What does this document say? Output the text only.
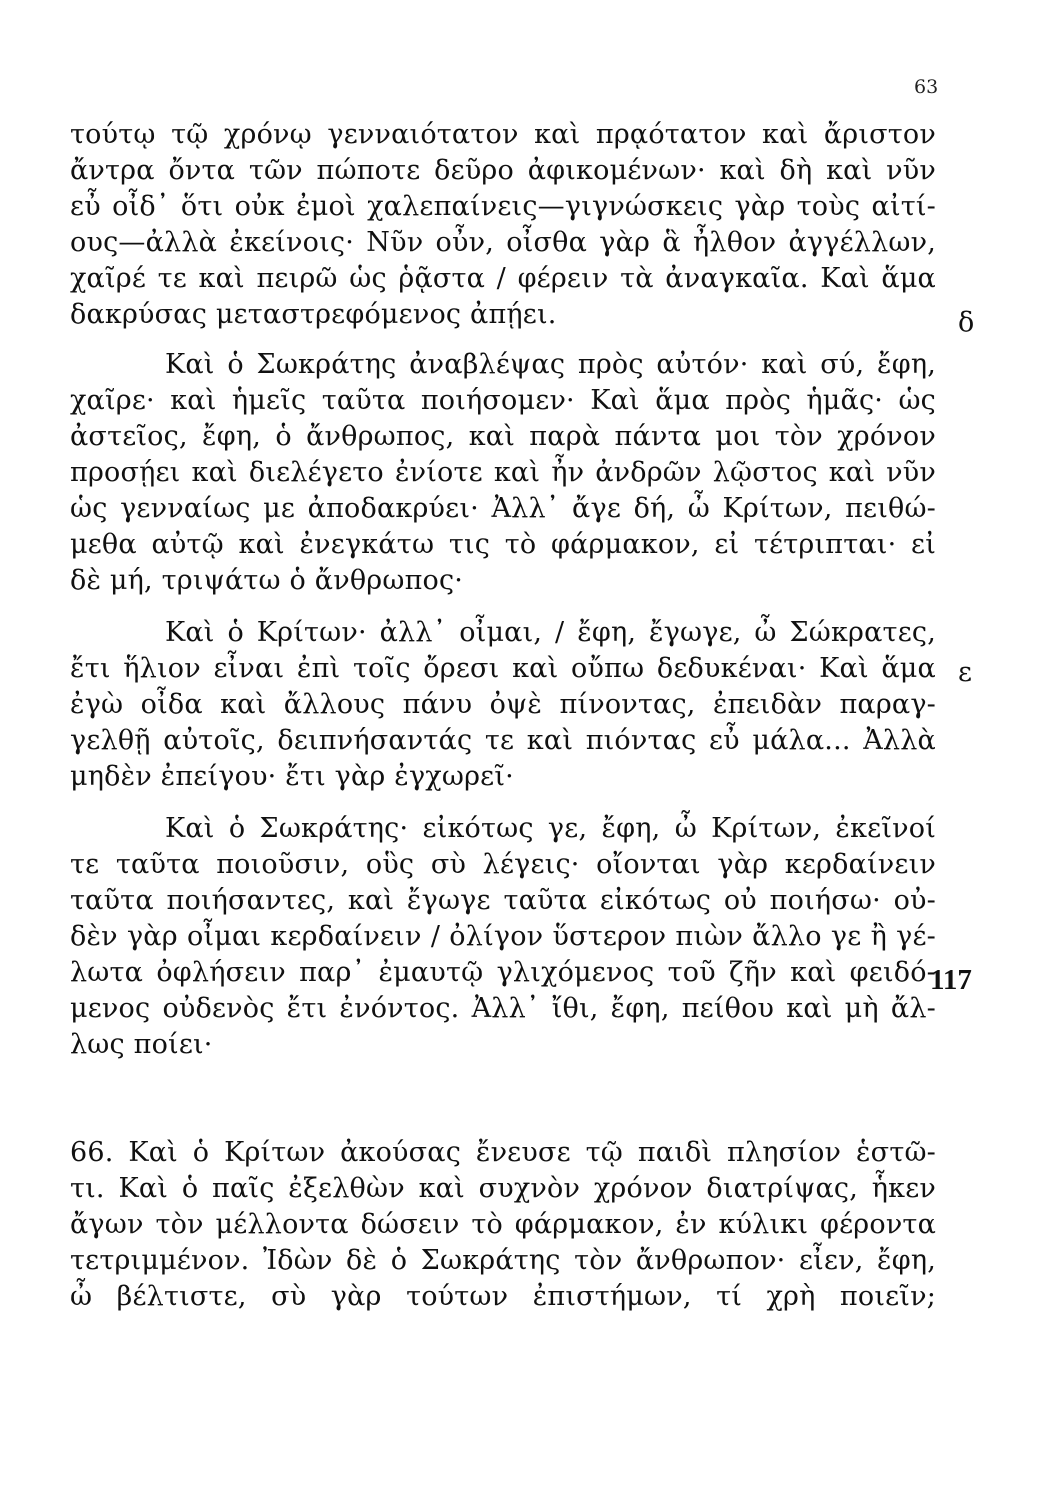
63
τούτῳ τῷ χρόνῳ γενναιότατον καὶ πρᾳότατον καὶ ἄριστον
ἄντρα ὄντα τῶν πώποτε δεῦρο ἀφικομένων· καὶ δὴ καὶ νῦν
εὖ οἶδ᾽ ὅτι οὐκ ἐμοὶ χαλεπαίνεις—γιγνώσκεις γὰρ τοὺς αἰτί-
ους—ἀλλὰ ἐκείνοις· Νῦν οὖν, οἶσθα γὰρ ἃ ἦλθον ἀγγέλλων,
χαῖρέ τε καὶ πειρῶ ὡς ῥᾷστα / φέρειν τὰ ἀναγκαῖα. Καὶ ἅμα
δακρύσας μεταστρεφόμενος ἀπῄει.
Καὶ ὁ Σωκράτης ἀναβλέψας πρὸς αὐτόν· καὶ σύ, ἔφη,
χαῖρε· καὶ ἡμεῖς ταῦτα ποιήσομεν· Καὶ ἅμα πρὸς ἡμᾶς· ὡς
ἀστεῖος, ἔφη, ὁ ἄνθρωπος, καὶ παρὰ πάντα μοι τὸν χρόνον
προσῄει καὶ διελέγετο ἐνίοτε καὶ ἦν ἀνδρῶν λῷστος καὶ νῦν
ὡς γενναίως με ἀποδακρύει· Ἀλλ᾽ ἄγε δή, ὦ Κρίτων, πειθώ-
μεθα αὐτῷ καὶ ἐνεγκάτω τις τὸ φάρμακον, εἰ τέτριπται· εἰ
δὲ μή, τριψάτω ὁ ἄνθρωπος·
Καὶ ὁ Κρίτων· ἀλλ᾽ οἶμαι, / ἔφη, ἔγωγε, ὦ Σώκρατες,
ἔτι ἥλιον εἶναι ἐπὶ τοῖς ὄρεσι καὶ οὔπω δεδυκέναι· Καὶ ἅμα
ἐγὼ οἶδα καὶ ἄλλους πάνυ ὀψὲ πίνοντας, ἐπειδὰν παραγ-
γελθῇ αὐτοῖς, δειπνήσαντάς τε καὶ πιόντας εὖ μάλα... Ἀλλὰ
μηδὲν ἐπείγου· ἔτι γὰρ ἐγχωρεῖ·
Καὶ ὁ Σωκράτης· εἰκότως γε, ἔφη, ὦ Κρίτων, ἐκεῖνοί
τε ταῦτα ποιοῦσιν, οὓς σὺ λέγεις· οἴονται γὰρ κερδαίνειν
ταῦτα ποιήσαντες, καὶ ἔγωγε ταῦτα εἰκότως οὐ ποιήσω· οὐ-
δὲν γὰρ οἶμαι κερδαίνειν / ὀλίγον ὕστερον πιὼν ἄλλο γε ἢ γέ-
λωτα ὀφλήσειν παρ᾽ ἐμαυτῷ γλιχόμενος τοῦ ζῆν καὶ φειδό-
μενος οὐδενὸς ἔτι ἐνόντος. Ἀλλ᾽ ἴθι, ἔφη, πείθου καὶ μὴ ἄλ-
λως ποίει·
66. Καὶ ὁ Κρίτων ἀκούσας ἔνευσε τῷ παιδὶ πλησίον ἑστῶ-
τι. Καὶ ὁ παῖς ἐξελθὼν καὶ συχνὸν χρόνον διατρίψας, ἧκεν
ἄγων τὸν μέλλοντα δώσειν τὸ φάρμακον, ἐν κύλικι φέροντα
τετριμμένον. Ἰδὼν δὲ ὁ Σωκράτης τὸν ἄνθρωπον· εἶεν, ἔφη,
ὦ βέλτιστε, σὺ γὰρ τούτων ἐπιστήμων, τί χρὴ ποιεῖν;
δ
ε
117
